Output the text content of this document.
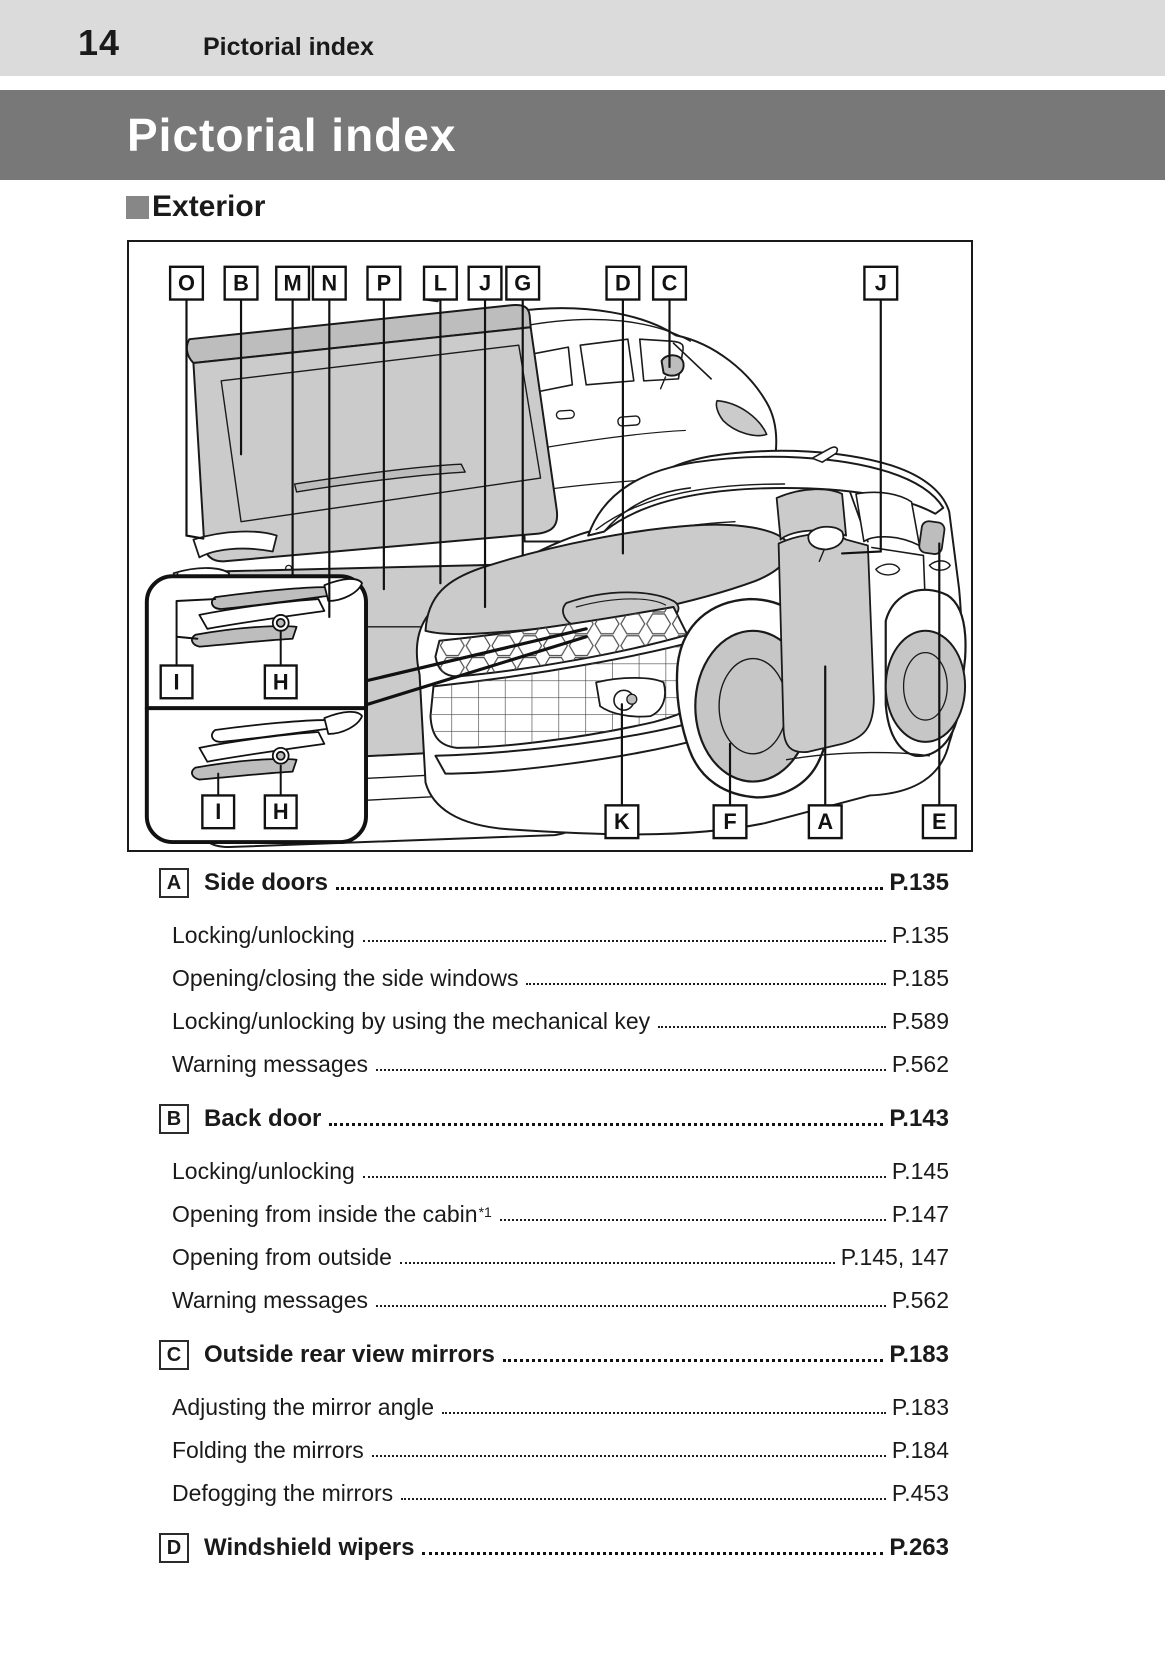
14	Pictorial index
Pictorial index
Exterior
O B M N P L J G	D C	J
K	F	A	E
I	H
I H
A Side doors	P.135
Locking/unlocking	P.135
Opening/closing the side windows	P.185
Locking/unlocking by using the mechanical key	P.589
Warning messages	P.562
B Back door	P.143
Locking/unlocking	P.145
Opening from inside the cabin$^{*1}$	P.147
Opening from outside	P.145, 147
Warning messages	P.562
C Outside rear view mirrors	P.183
Adjusting the mirror angle	P.183
Folding the mirrors	P.184
Defogging the mirrors	P.453
D Windshield wipers	P.263
